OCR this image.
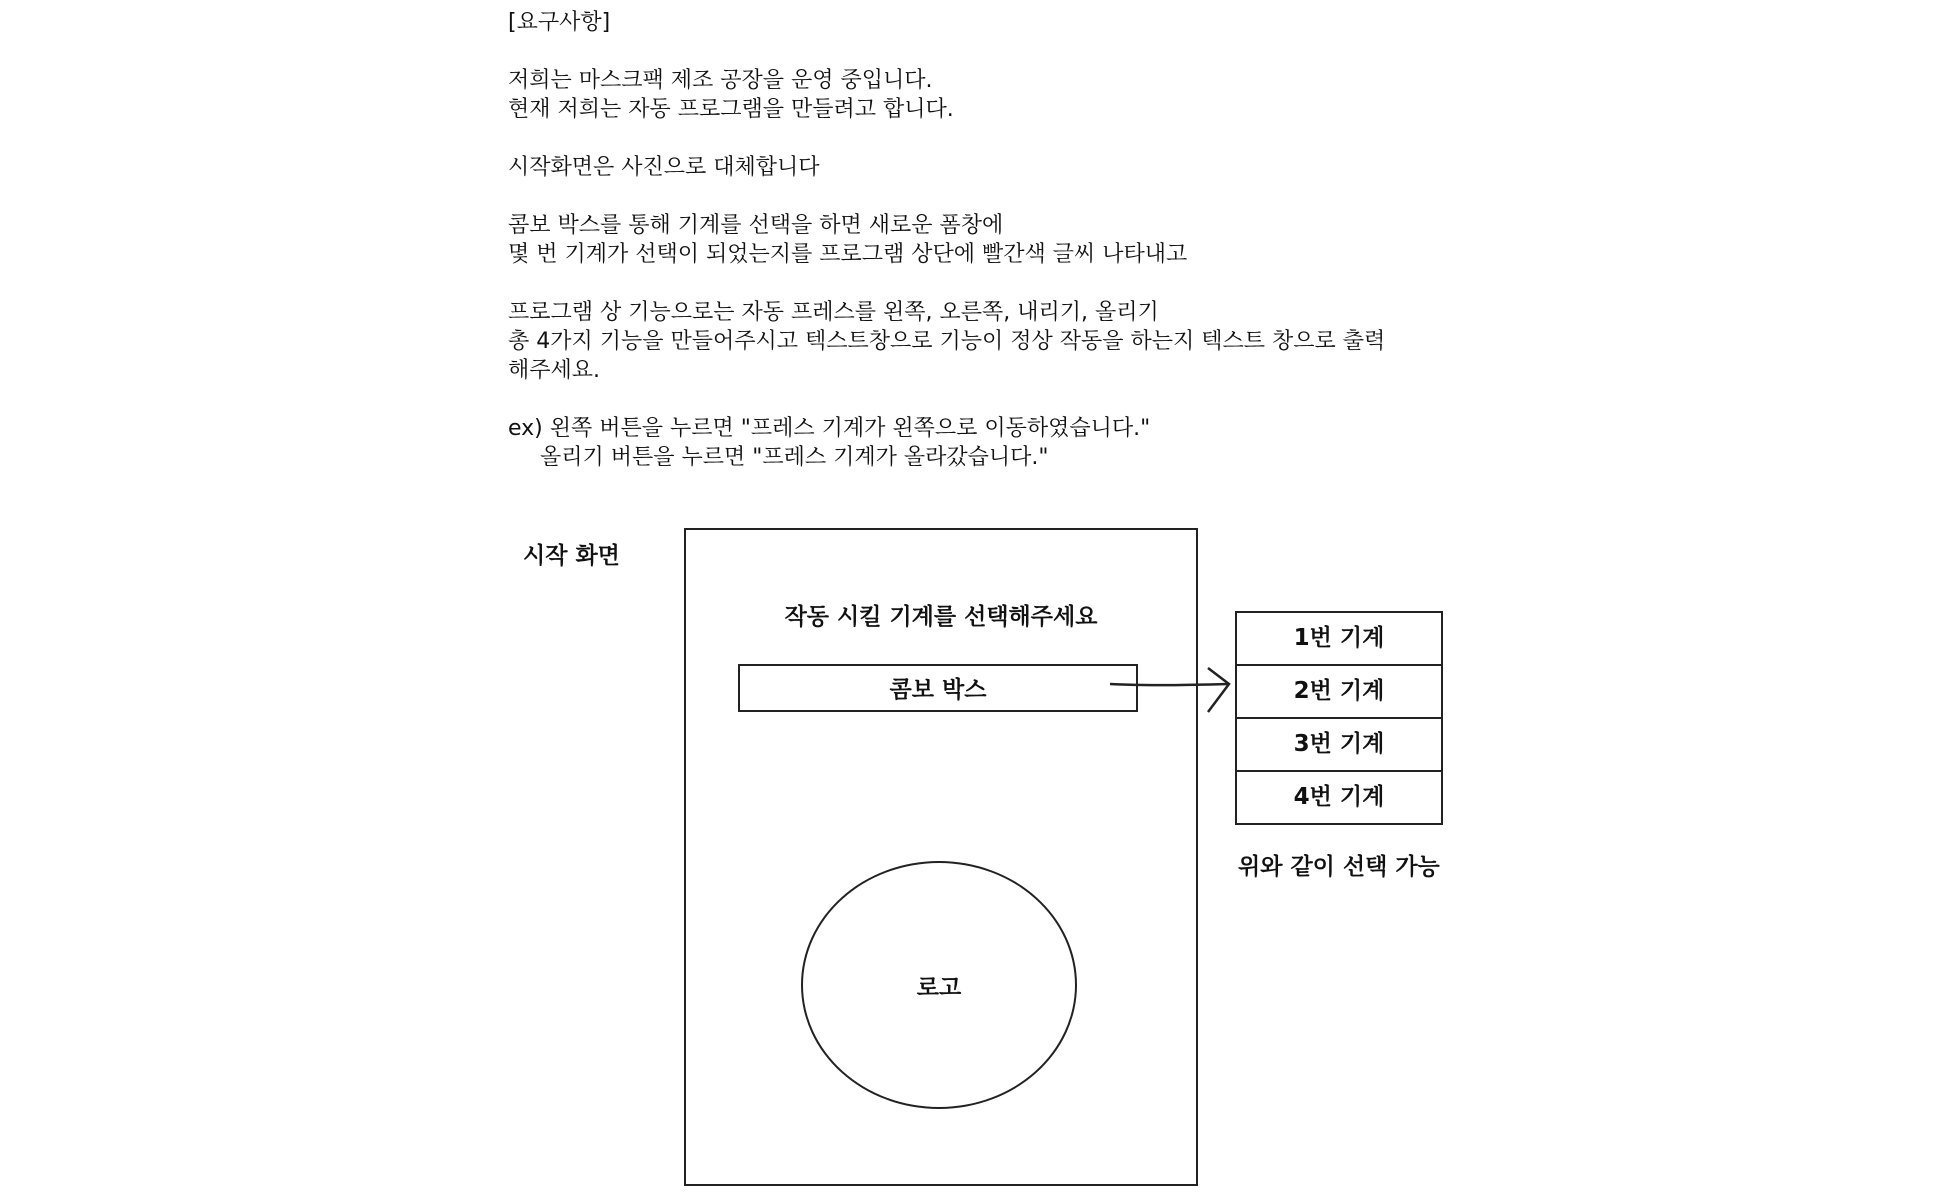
[요구사항]

저희는 마스크팩 제조 공장을 운영 중입니다.

현재 저희는 자동 프로그램을 만들려고 합니다.

시작화면은 사진으로 대체합니다

콤보 박스를 통해 기계를 선택을 하면 새로운 폼창에

몇 번 기계가 선택이 되었는지를 프로그램 상단에 빨간색 글씨 나타내고

프로그램 상 기능으로는 자동 프레스를 왼쪽, 오른쪽, 내리기, 올리기

총 4가지 기능을 만들어주시고 텍스트창으로 기능이 정상 작동을 하는지 텍스트 창으로 출력

해주세요.

ex) 왼쪽 버튼을 누르면 "프레스 기계가 왼쪽으로 이동하였습니다."

올리기 버튼을 누르면 "프레스 기계가 올라갔습니다."

시작 화면
작동 시킬 기계를 선택해주세요
콤보 박스
로고
1번 기계
2번 기계
3번 기계
4번 기계
위와 같이 선택 가능
